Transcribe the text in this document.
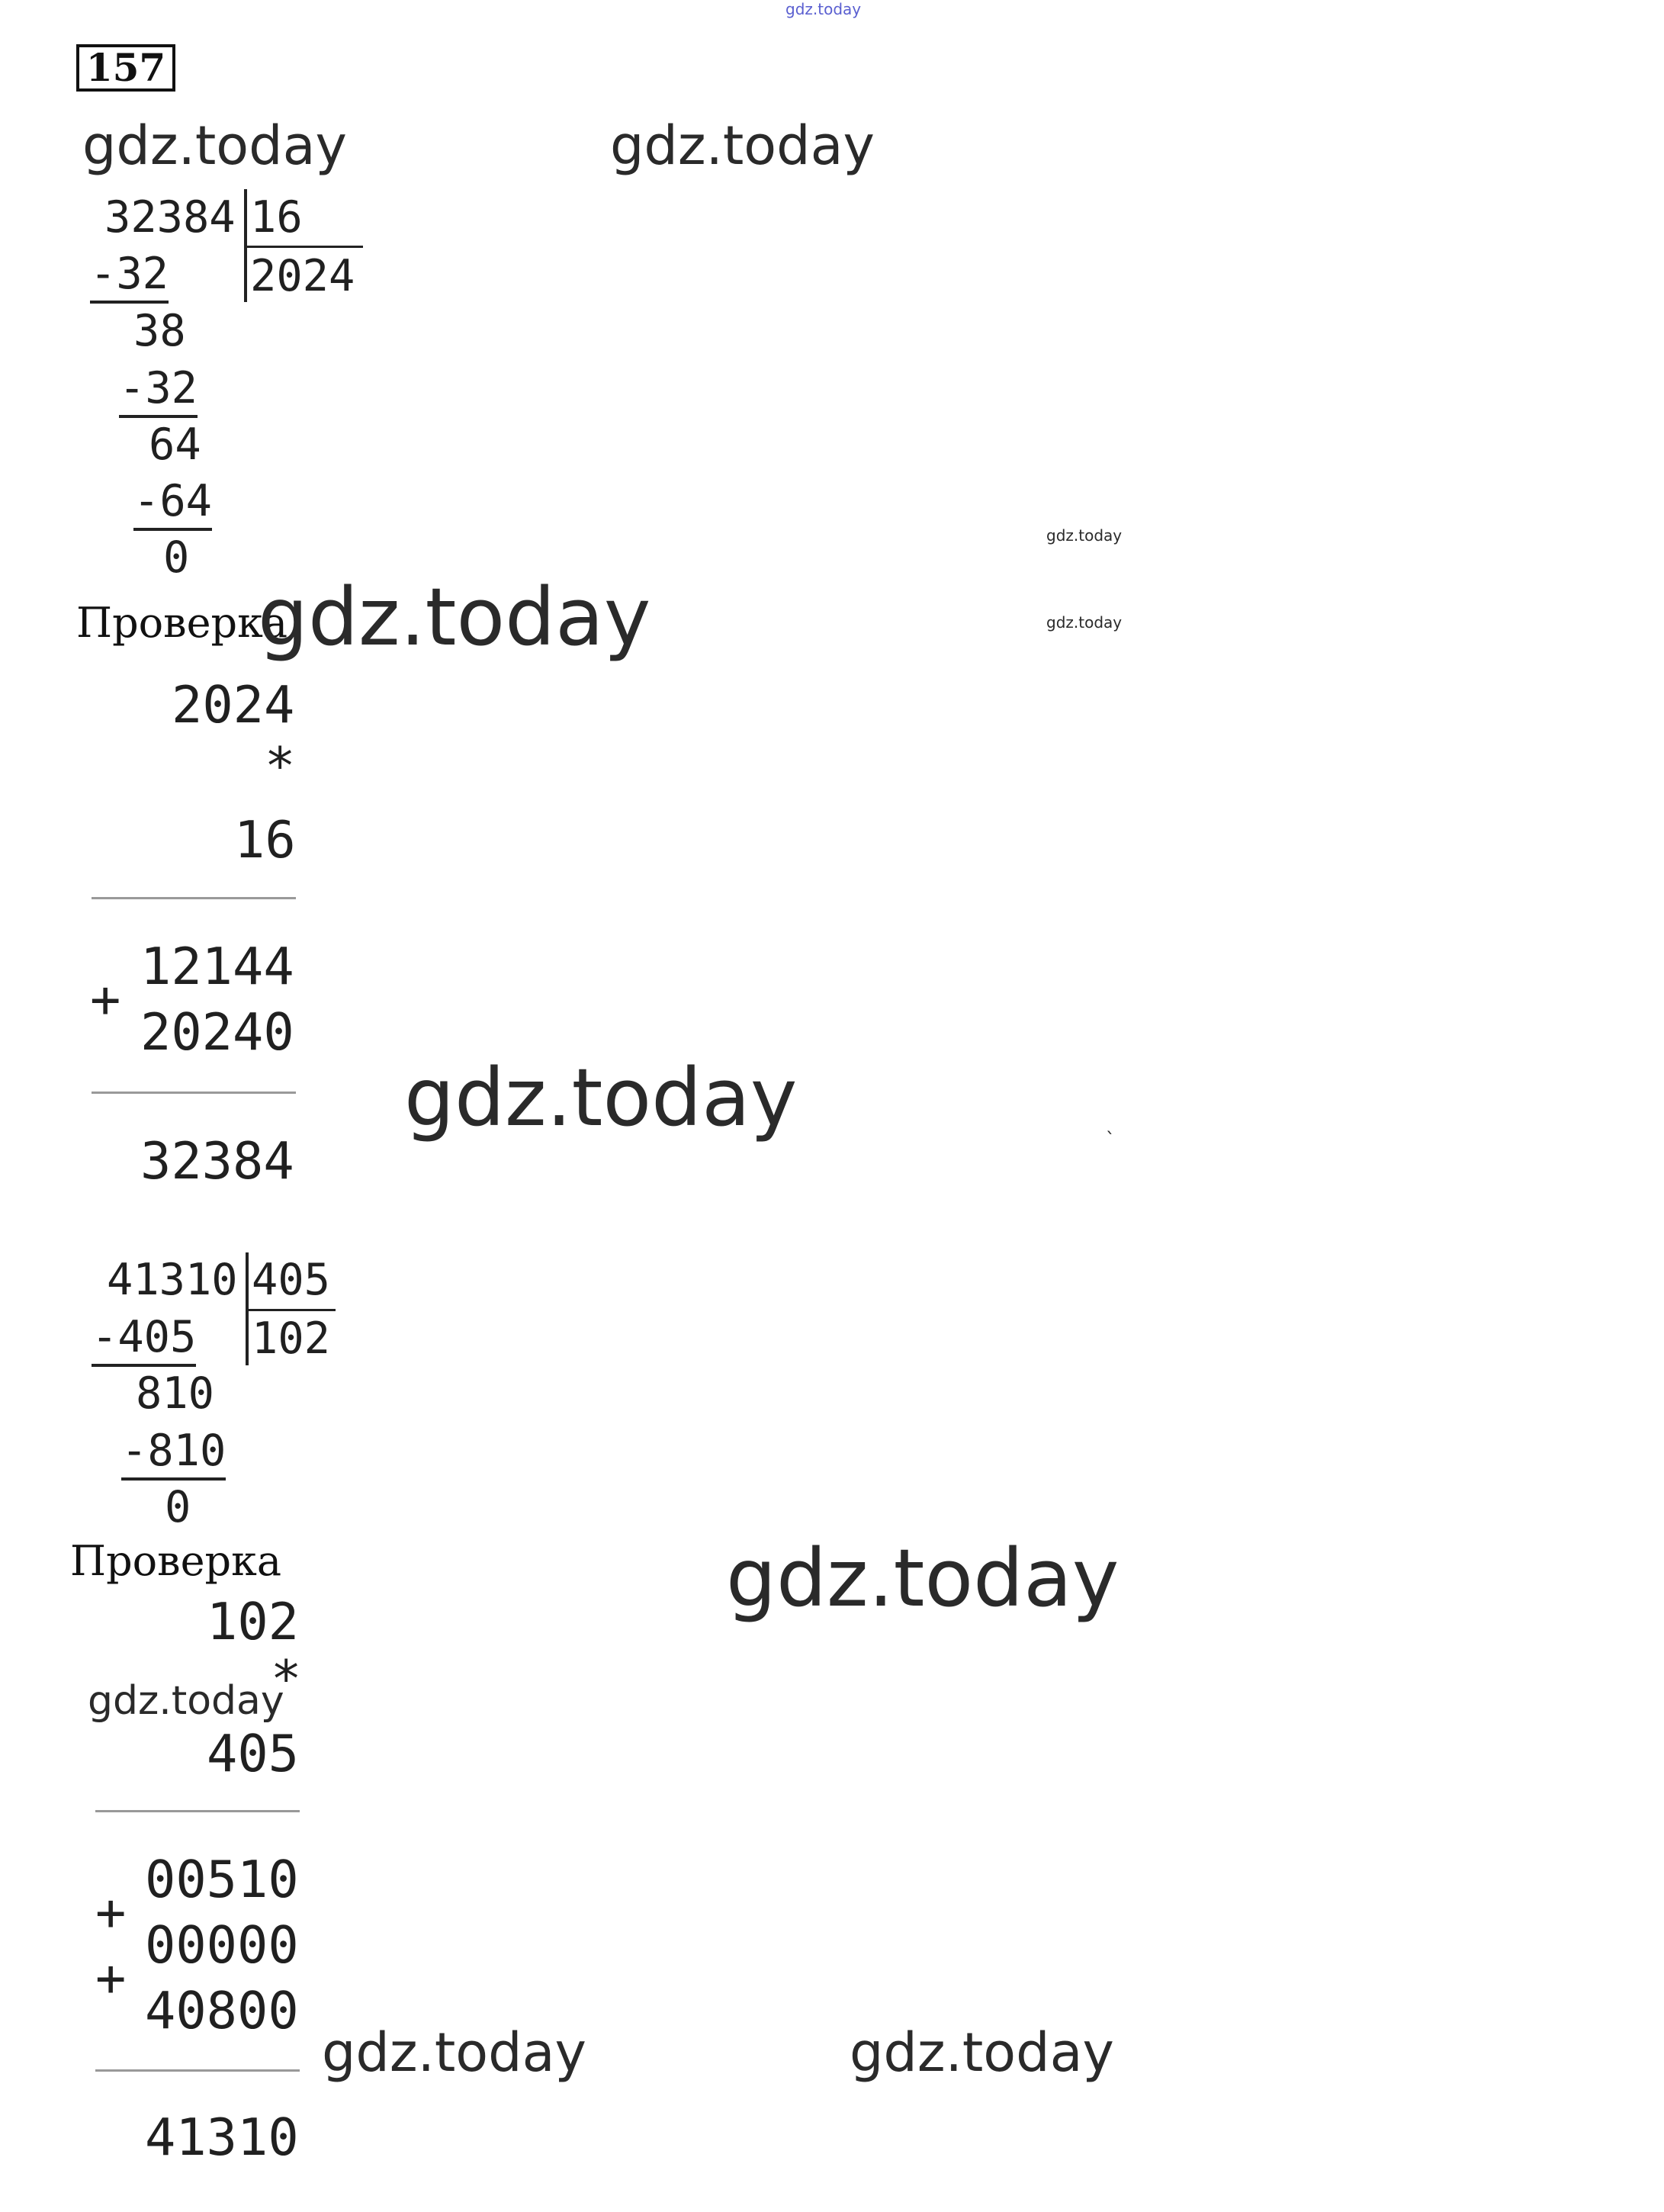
gdz.today
157
gdz.today	gdz.today
32384 16
2024
-32
38
-32
64
-64
0	gdz.today
gdz.today
Проверка
gdz.today
2024
*
16
12144
+
20240
32384
gdz.today	`
41310 405
102
-405
810
-810
0
Проверка	gdz.today
102
gdz.today
*
405
00510
+
00000
+
40800
41310
gdz.today	gdz.today
